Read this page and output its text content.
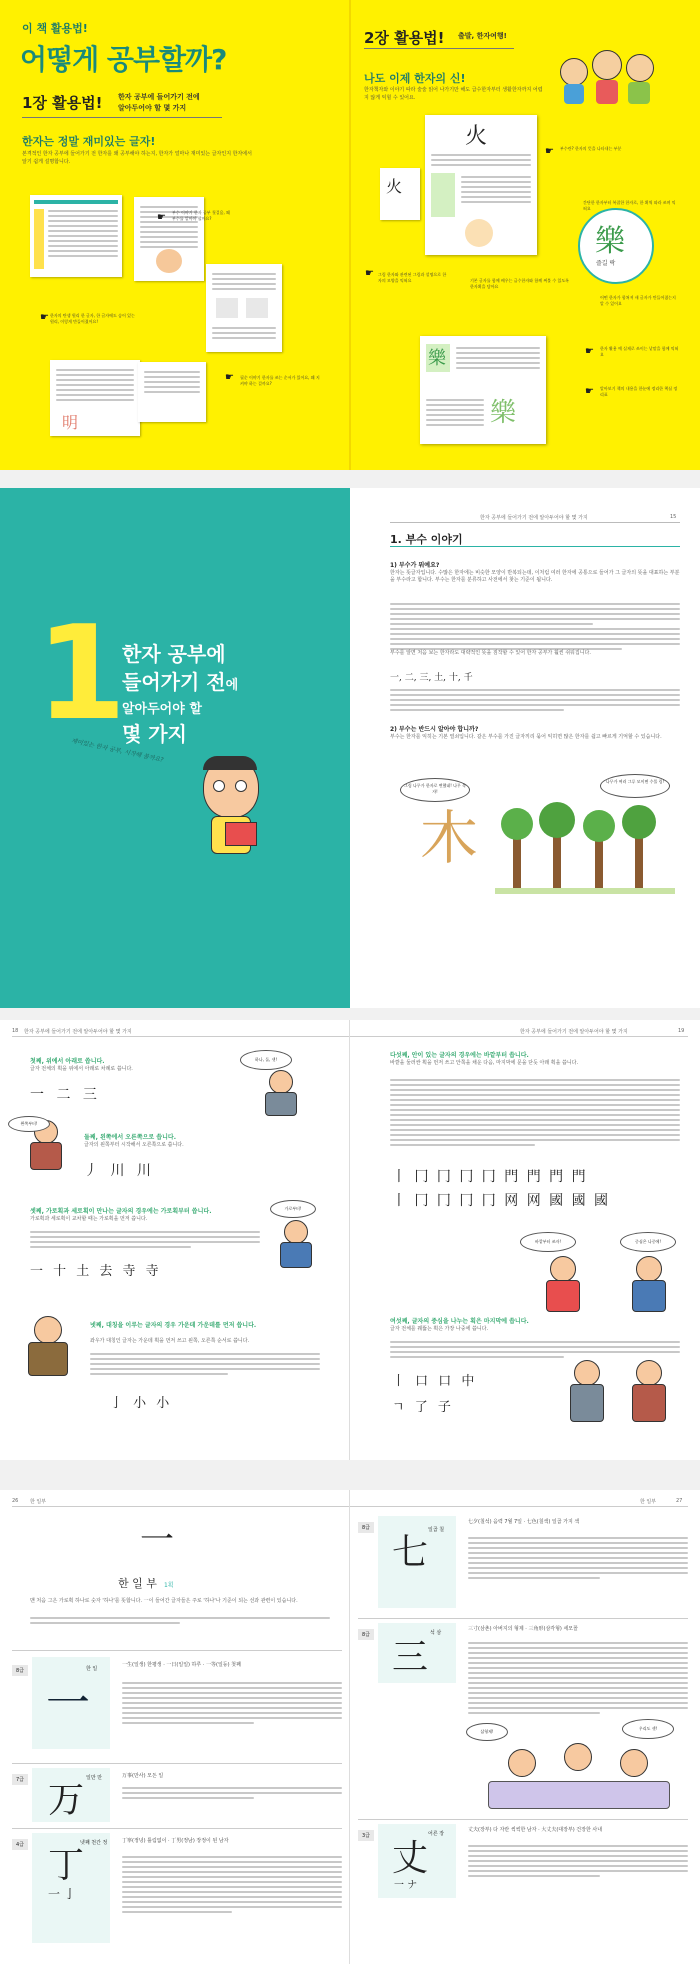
이 책 활용법!
어떻게 공부할까?
1장 활용법! 한자 공부에 들어가기 전에
알아두어야 할 몇 가지
한자는 정말 재미있는 글자!
본격적인 한자 공부에 들어가기 전 한자를 왜 공부해야 하는지, 한자가 얼마나 재미있는 글자인지 한자에서 알기 쉽게 설명합니다.
부수 이야기 한자 공부 첫걸음, 왜 부수를 알아야 할까요?
☛
한자의 탄생 원리 한 글자, 한 글자에도 숨어 있는 원리, 이렇게 만들어졌어요!
☛
明
필순 이야기 한자를 쓰는 순서가 있어요, 왜 지켜야 하는 걸까요?
☛
2장 활용법! 출발, 한자여행!
나도 이제 한자의 신!
한자책자와 이야기 따라 술술 읽어 나가기만 해도 급수한자부터 생활한자까지 어렵지 않게 익힐 수 있어요.
火
火
부수란? 한자의 뜻을 나타내는 부분
☛
간단한 한자부터 복잡한 한자로, 한 획씩 따라 쓰며 익혀요
樂
즐길 락
그림 한자와 관련된 그림과 설명으로 한자의 모양을 익혀요
☛
기본 글자를 함께 배우는 급수한자와 함께 써볼 수 있도록 한자획을 담아요
어떤 한자가 합쳐져 새 글자가 만들어졌는지 알 수 있어요
樂
樂
한자 활용 예 실제로 쓰이는 낱말을 함께 익혀요
☛
알아보기 책의 내용을 한눈에 정리한 핵심 정리표
☛
1
한자 공부에
들어가기 전에
알아두어야 할
몇 가지
재미있는 한자 공부, 시작해 볼까요?
한자 공부에 들어가기 전에 알아두어야 할 몇 가지	15
1. 부수 이야기
1) 부수가 뭐예요?
한자는 뜻글자입니다. 수많은 한자에는 비슷한 모양이 반복되는데, 이처럼 여러 한자에 공통으로 들어가 그 글자의 뜻을 대표하는 부분을 부수라고 합니다. 부수는 한자를 분류하고 사전에서 찾는 기준이 됩니다.
부수를 알면 처음 보는 한자라도 대략적인 뜻을 짐작할 수 있어 한자 공부가 훨씬 쉬워집니다.
一, 二, 三, 土, 十, 千
2) 부수는 반드시 알아야 합니까?
부수는 한자를 익히는 기본 열쇠입니다. 같은 부수를 가진 글자끼리 묶어 익히면 많은 한자를 쉽고 빠르게 기억할 수 있습니다.
그림 나무가 한자로 변했네! 나무 목 자!
나무가 여러 그루 모이면 수풀 림!
木
18 한자 공부에 들어가기 전에 알아두어야 할 몇 가지	한자 공부에 들어가기 전에 알아두어야 할 몇 가지	19
첫째, 위에서 아래로 씁니다.
글자 전체의 획을 위에서 아래로 차례로 씁니다.
一 二 三
하나, 둘, 셋!
왼쪽부터!
둘째, 왼쪽에서 오른쪽으로 씁니다.
글자의 왼쪽부터 시작해서 오른쪽으로 씁니다.
丿 川 川
셋째, 가로획과 세로획이 만나는 글자의 경우에는 가로획부터 씁니다.
가로획과 세로획이 교차할 때는 가로획을 먼저 씁니다.
一 十 土 去 寺 寺
가로부터!
넷째, 대칭을 이루는 글자의 경우 가운데 가운데를 먼저 씁니다.
좌우가 대칭인 글자는 가운데 획을 먼저 쓰고 왼쪽, 오른쪽 순서로 씁니다.
亅 小 小
다섯째, 안이 있는 글자의 경우에는 바깥부터 씁니다.
바깥을 둘러싼 획을 먼저 쓰고 안쪽을 채운 다음, 마지막에 문을 닫듯 아래 획을 씁니다.
丨 冂 冂 冂 冂 門 門 門 門
丨 冂 冂 冂 冂 网 网 國 國 國
여섯째, 글자의 중심을 나누는 획은 마지막에 씁니다.
글자 전체를 꿰뚫는 획은 가장 나중에 씁니다.
丨 口 口 中
ㄱ 了 子
바깥부터 쓰자!	중심은 나중에!
26 한 일부	한 일부	27
一
한 일 부 1획
맨 처음 그은 가로획 하나로 숫자 '하나'를 뜻합니다. 一이 들어간 글자들은 주로 '하나'나 기준이 되는 선과 관련이 있습니다.
8급
一
한 일
一生(일생) 한평생 · 一日(일일) 하루 · 一等(일등) 첫째
7급 万
일만 만	万事(만사) 모든 일
4급 丁
一 亅
넷째 천간 정	丁寧(정녕) 틀림없이 · 丁男(정남) 장정이 된 남자
8급
七
일곱 칠
七夕(칠석) 음력 7월 7일 · 七色(칠색) 일곱 가지 색
8급
三
석 삼
三寸(삼촌) 아버지의 형제 · 三角形(삼각형) 세모꼴
삼형제!
우리도 셋!
3급
丈
一 ナ
어른 장
丈夫(장부) 다 자란 씩씩한 남자 · 大丈夫(대장부) 건장한 사내
